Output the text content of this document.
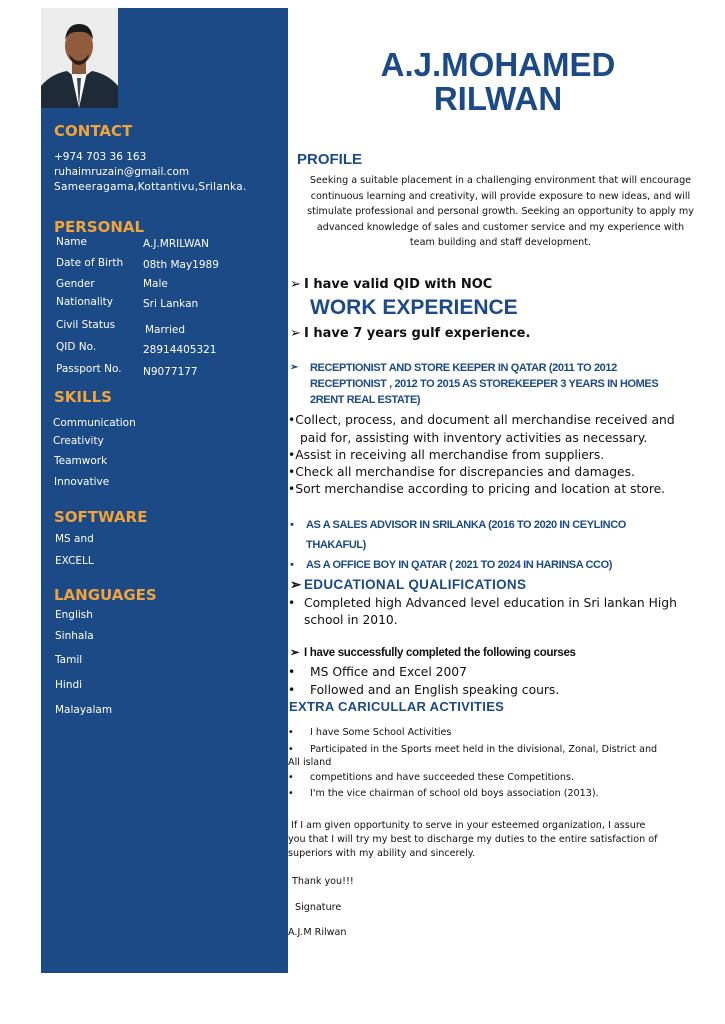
CONTACT
+974 703 36 163
ruhaimruzain@gmail.com
Sameeragama,Kottantivu,Srilanka.
PERSONAL
Name	A.J.MRILWAN
Date of Birth 08th May1989
Gender	Male
Nationality	Sri Lankan
Civil Status	Married
QID No.	28914405321
Passport No. N9077177
SKILLS
Communication
Creativity
Teamwork
Innovative
SOFTWARE
MS and
EXCELL
LANGUAGES
English
Sinhala
Tamil
Hindi
Malayalam
A.J.MOHAMED
RILWAN
PROFILE
Seeking a suitable placement in a challenging environment that will encourage
continuous learning and creativity, will provide exposure to new ideas, and will
stimulate professional and personal growth. Seeking an opportunity to apply my
advanced knowledge of sales and customer service and my experience with
team building and staff development.
➢ I have valid QID with NOC
WORK EXPERIENCE
➢ I have 7 years gulf experience.
➢ RECEPTIONIST AND STORE KEEPER IN QATAR (2011 TO 2012
RECEPTIONIST , 2012 TO 2015 AS STOREKEEPER 3 YEARS IN HOMES
2RENT REAL ESTATE)
•Collect, process, and document all merchandise received and
paid for, assisting with inventory activities as necessary.
•Assist in receiving all merchandise from suppliers.
•Check all merchandise for discrepancies and damages.
•Sort merchandise according to pricing and location at store.
• AS A SALES ADVISOR IN SRILANKA (2016 TO 2020 IN CEYLINCO
THAKAFUL)
•	AS A OFFICE BOY IN QATAR ( 2021 TO 2024 IN HARINSA CCO)
➢ EDUCATIONAL QUALIFICATIONS
• Completed high Advanced level education in Sri lankan High
school in 2010.
➢ I have successfully completed the following courses
• MS Office and Excel 2007
• Followed and an English speaking cours.
EXTRA CARICULLAR ACTIVITIES
• I have Some School Activities
• Participated in the Sports meet held in the divisional, Zonal, District and
All island
• competitions and have succeeded these Competitions.
• I'm the vice chairman of school old boys association (2013).
If I am given opportunity to serve in your esteemed organization, I assure
you that I will try my best to discharge my duties to the entire satisfaction of
superiors with my ability and sincerely.
Thank you!!!
Signature
A.J.M Rilwan
